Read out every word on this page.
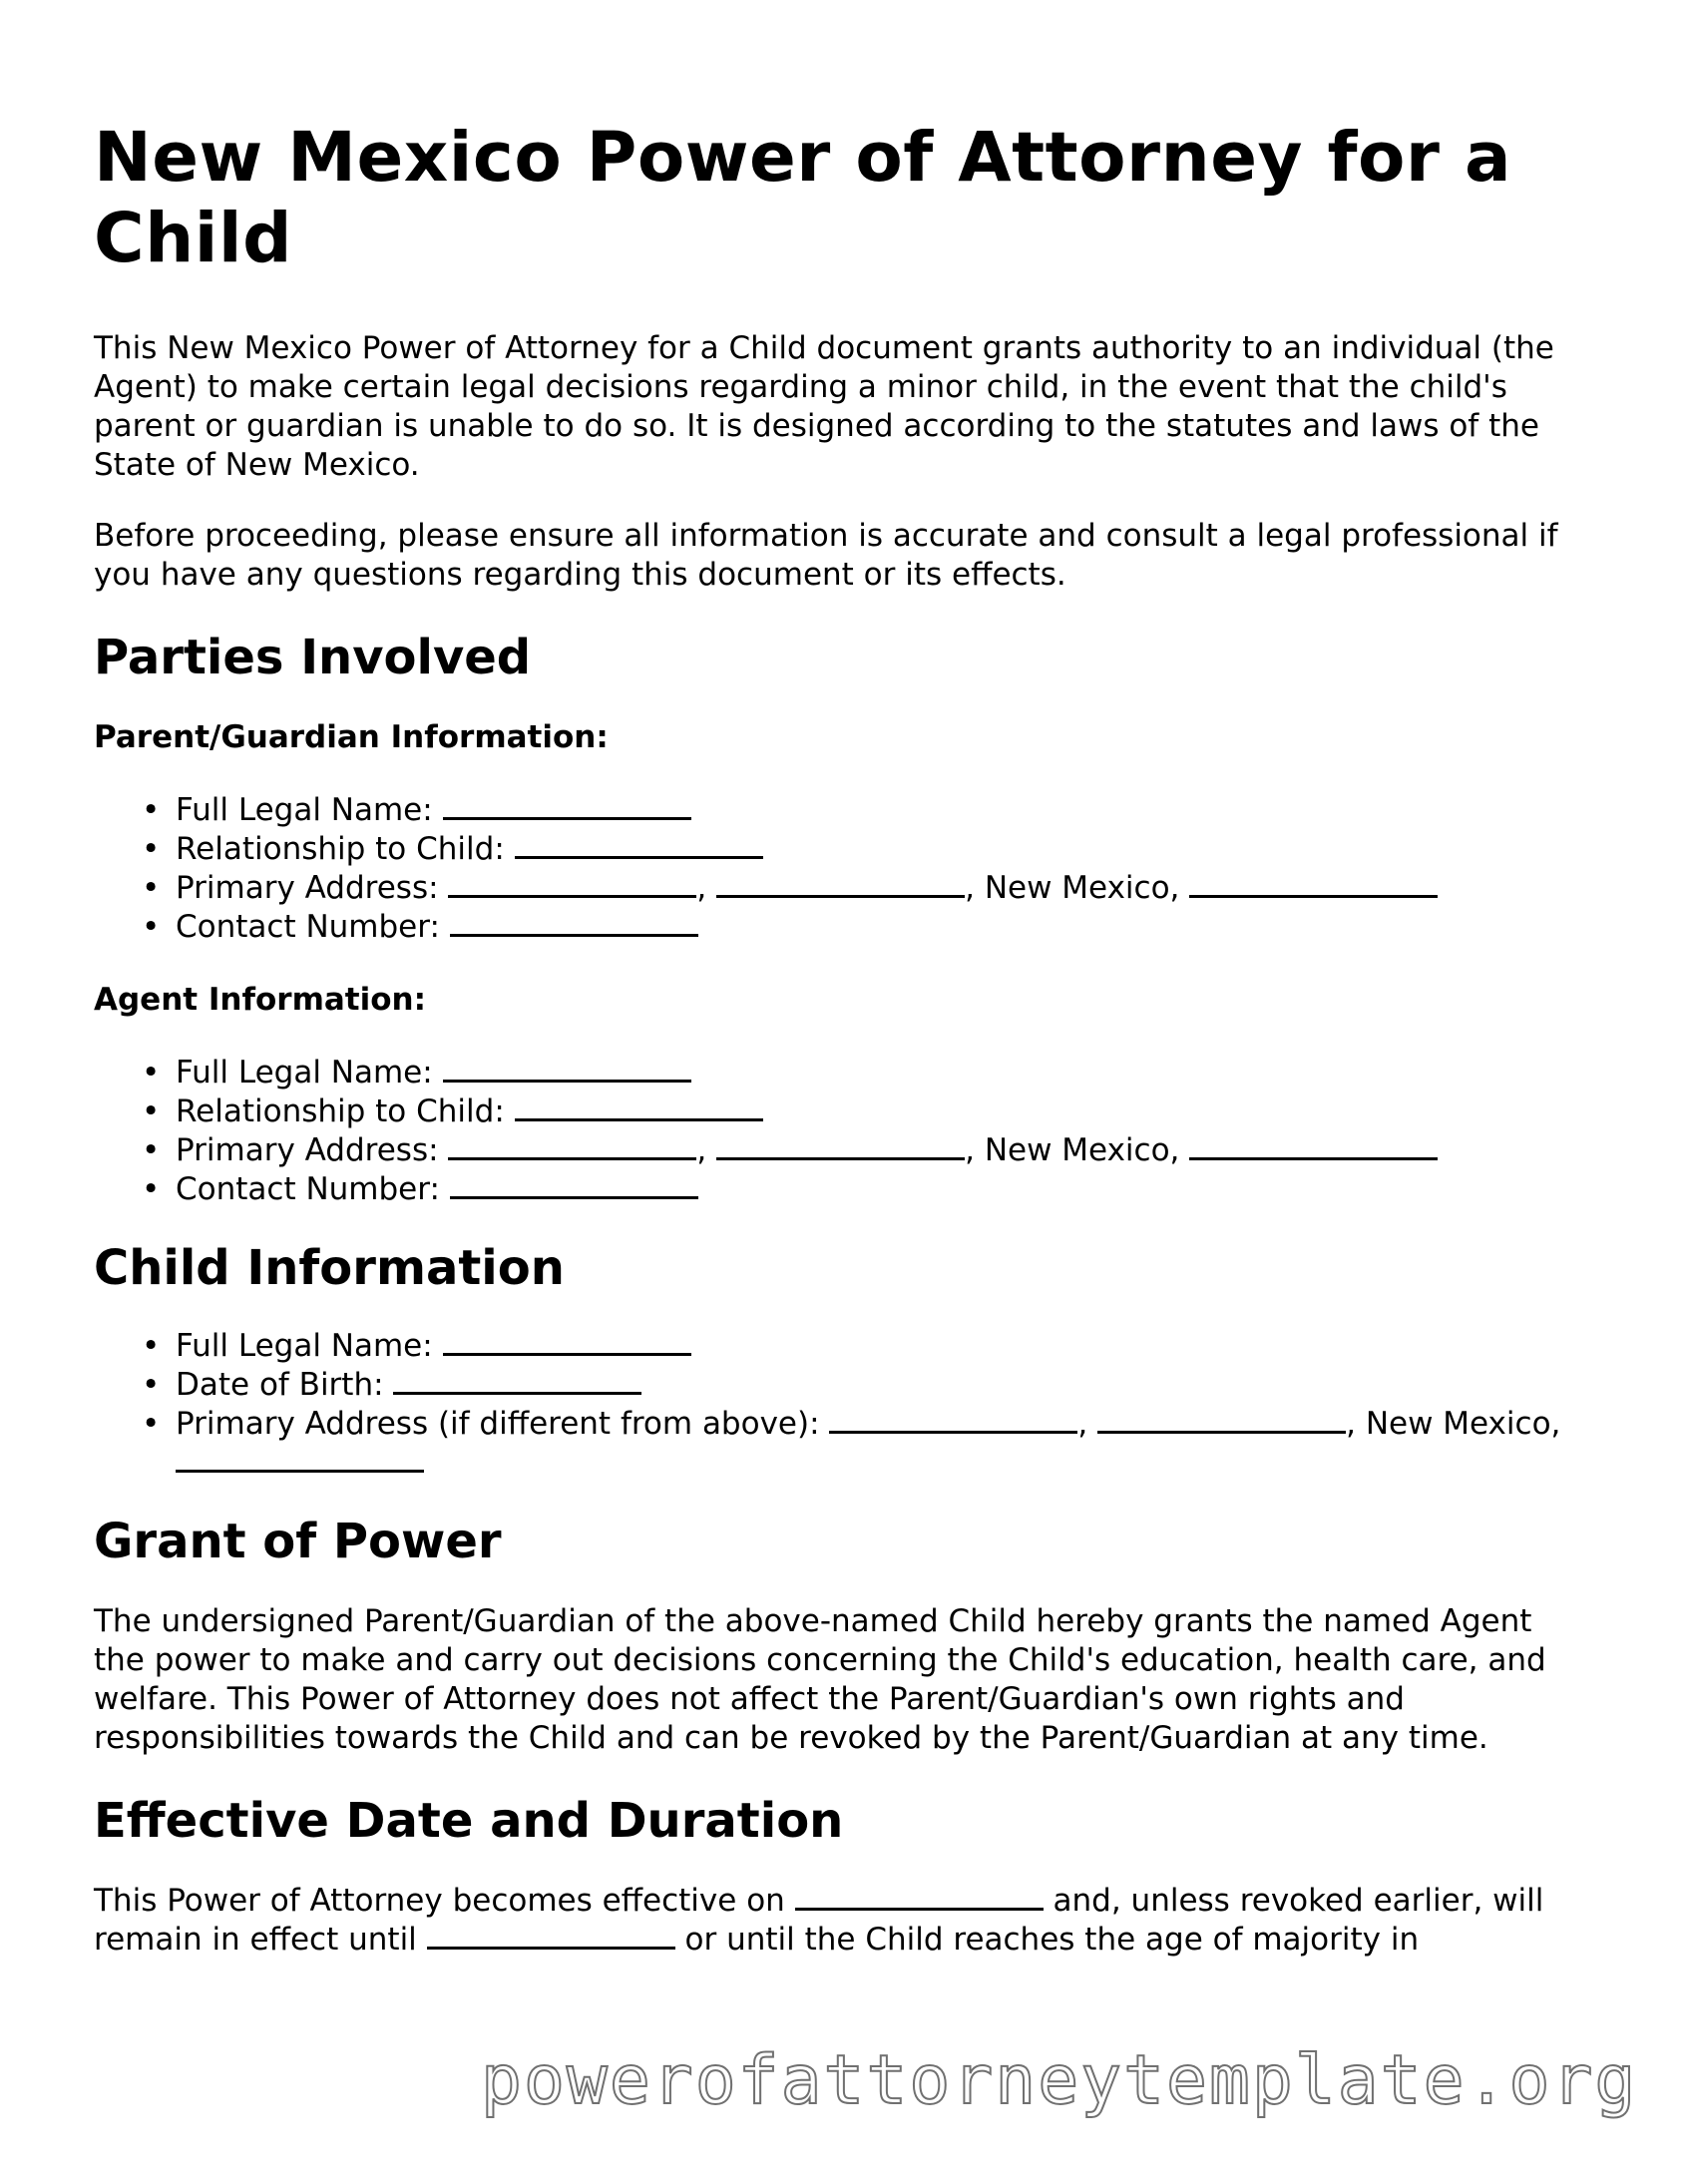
New Mexico Power of Attorney for a Child

This New Mexico Power of Attorney for a Child document grants authority to an individual (the Agent) to make certain legal decisions regarding a minor child, in the event that the child's parent or guardian is unable to do so. It is designed according to the statutes and laws of the State of New Mexico.

Before proceeding, please ensure all information is accurate and consult a legal professional if you have any questions regarding this document or its effects.

Parties Involved
Parent/Guardian Information:
• Full Legal Name:
• Relationship to Child:
• Primary Address:	,	, New Mexico,
• Contact Number:
Agent Information:
• Full Legal Name:
• Relationship to Child:
• Primary Address:	,	, New Mexico,
• Contact Number:
Child Information
• Full Legal Name:
• Date of Birth:
• Primary Address (if different from above):	,	, New Mexico,
Grant of Power

The undersigned Parent/Guardian of the above-named Child hereby grants the named Agent the power to make and carry out decisions concerning the Child's education, health care, and welfare. This Power of Attorney does not affect the Parent/Guardian's own rights and responsibilities towards the Child and can be revoked by the Parent/Guardian at any time.

Effective Date and Duration

This Power of Attorney becomes effective on	and, unless revoked earlier, will remain in effect until	or until the Child reaches the age of majority in

powerofattorneytemplate.org
